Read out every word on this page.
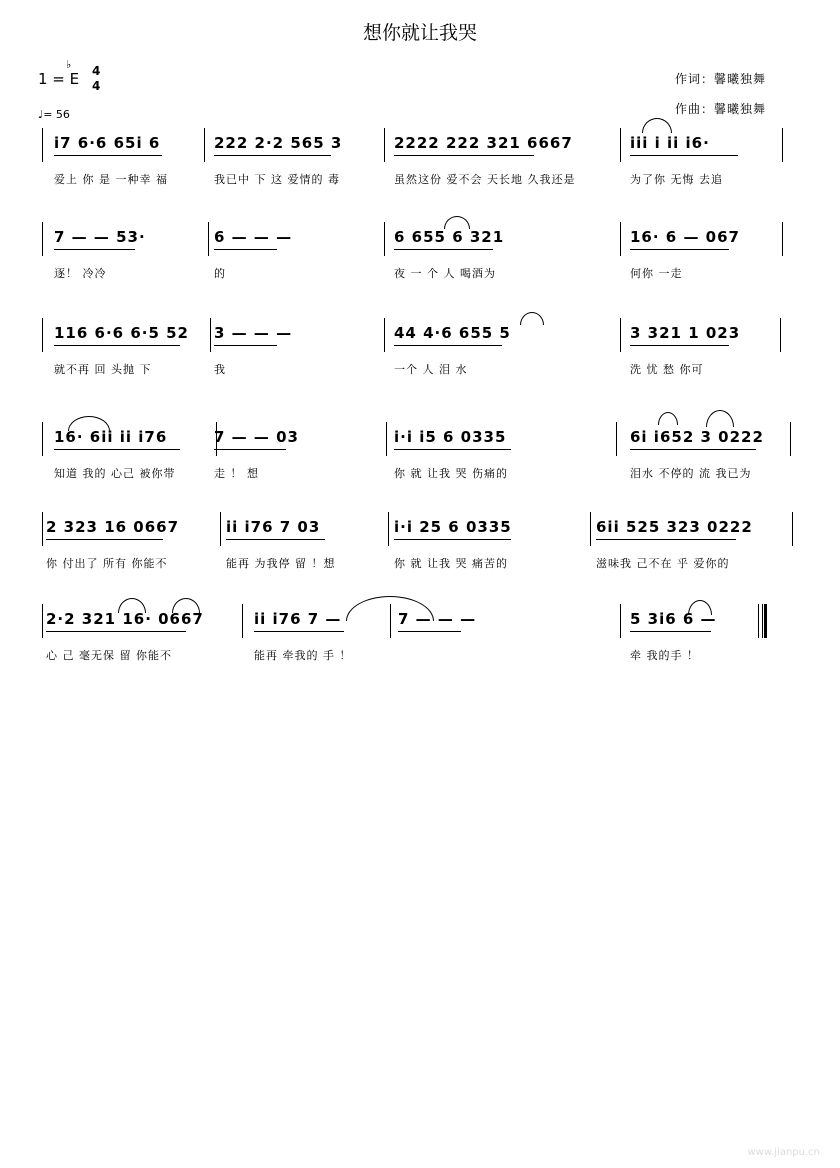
想你就让我哭
1 = E
♭ 4
4
♩= 56
作词：馨曦独舞
作曲：馨曦独舞
i7 6·6 65i 6
爱上 你 是 一种幸 福
222 2·2 565 3
我已中 下 这 爱情的 毒
2222 222 321 6667
虽然这份 爱不会 天长地 久我还是
iii i ii i6·
为了你 无悔 去追
7 — — 53·
逐！ 冷冷
6 — — —
的
6 655 6 321
夜 一 个 人 喝酒为
16· 6 — 067
何你 一走
116 6·6 6·5 52
就不再 回 头抛 下
3 — — —
我
44 4·6 655 5
一个 人 泪 水
3 321 1 023
洗 忧 愁 你可
16· 6ii ii i76
知道 我的 心己 被你带
7 — — 03
走 ！ 想
i·i i5 6 0335
你 就 让我 哭 伤痛的
6i i652 3 0222
泪水 不停的 流 我已为
2 323 16 0667
你 付出了 所有 你能不
ii i76 7 03
能再 为我停 留 ！想
i·i 25 6 0335
你 就 让我 哭 痛苦的
6ii 525 323 0222
滋味我 己不在 乎 爱你的
2·2 321 16· 0667
心 己 毫无保 留 你能不
ii i76 7 —
能再 牵我的 手 ！
7 — — —	5 3i6 6 —
牵 我的手 ！
www.jianpu.cn
